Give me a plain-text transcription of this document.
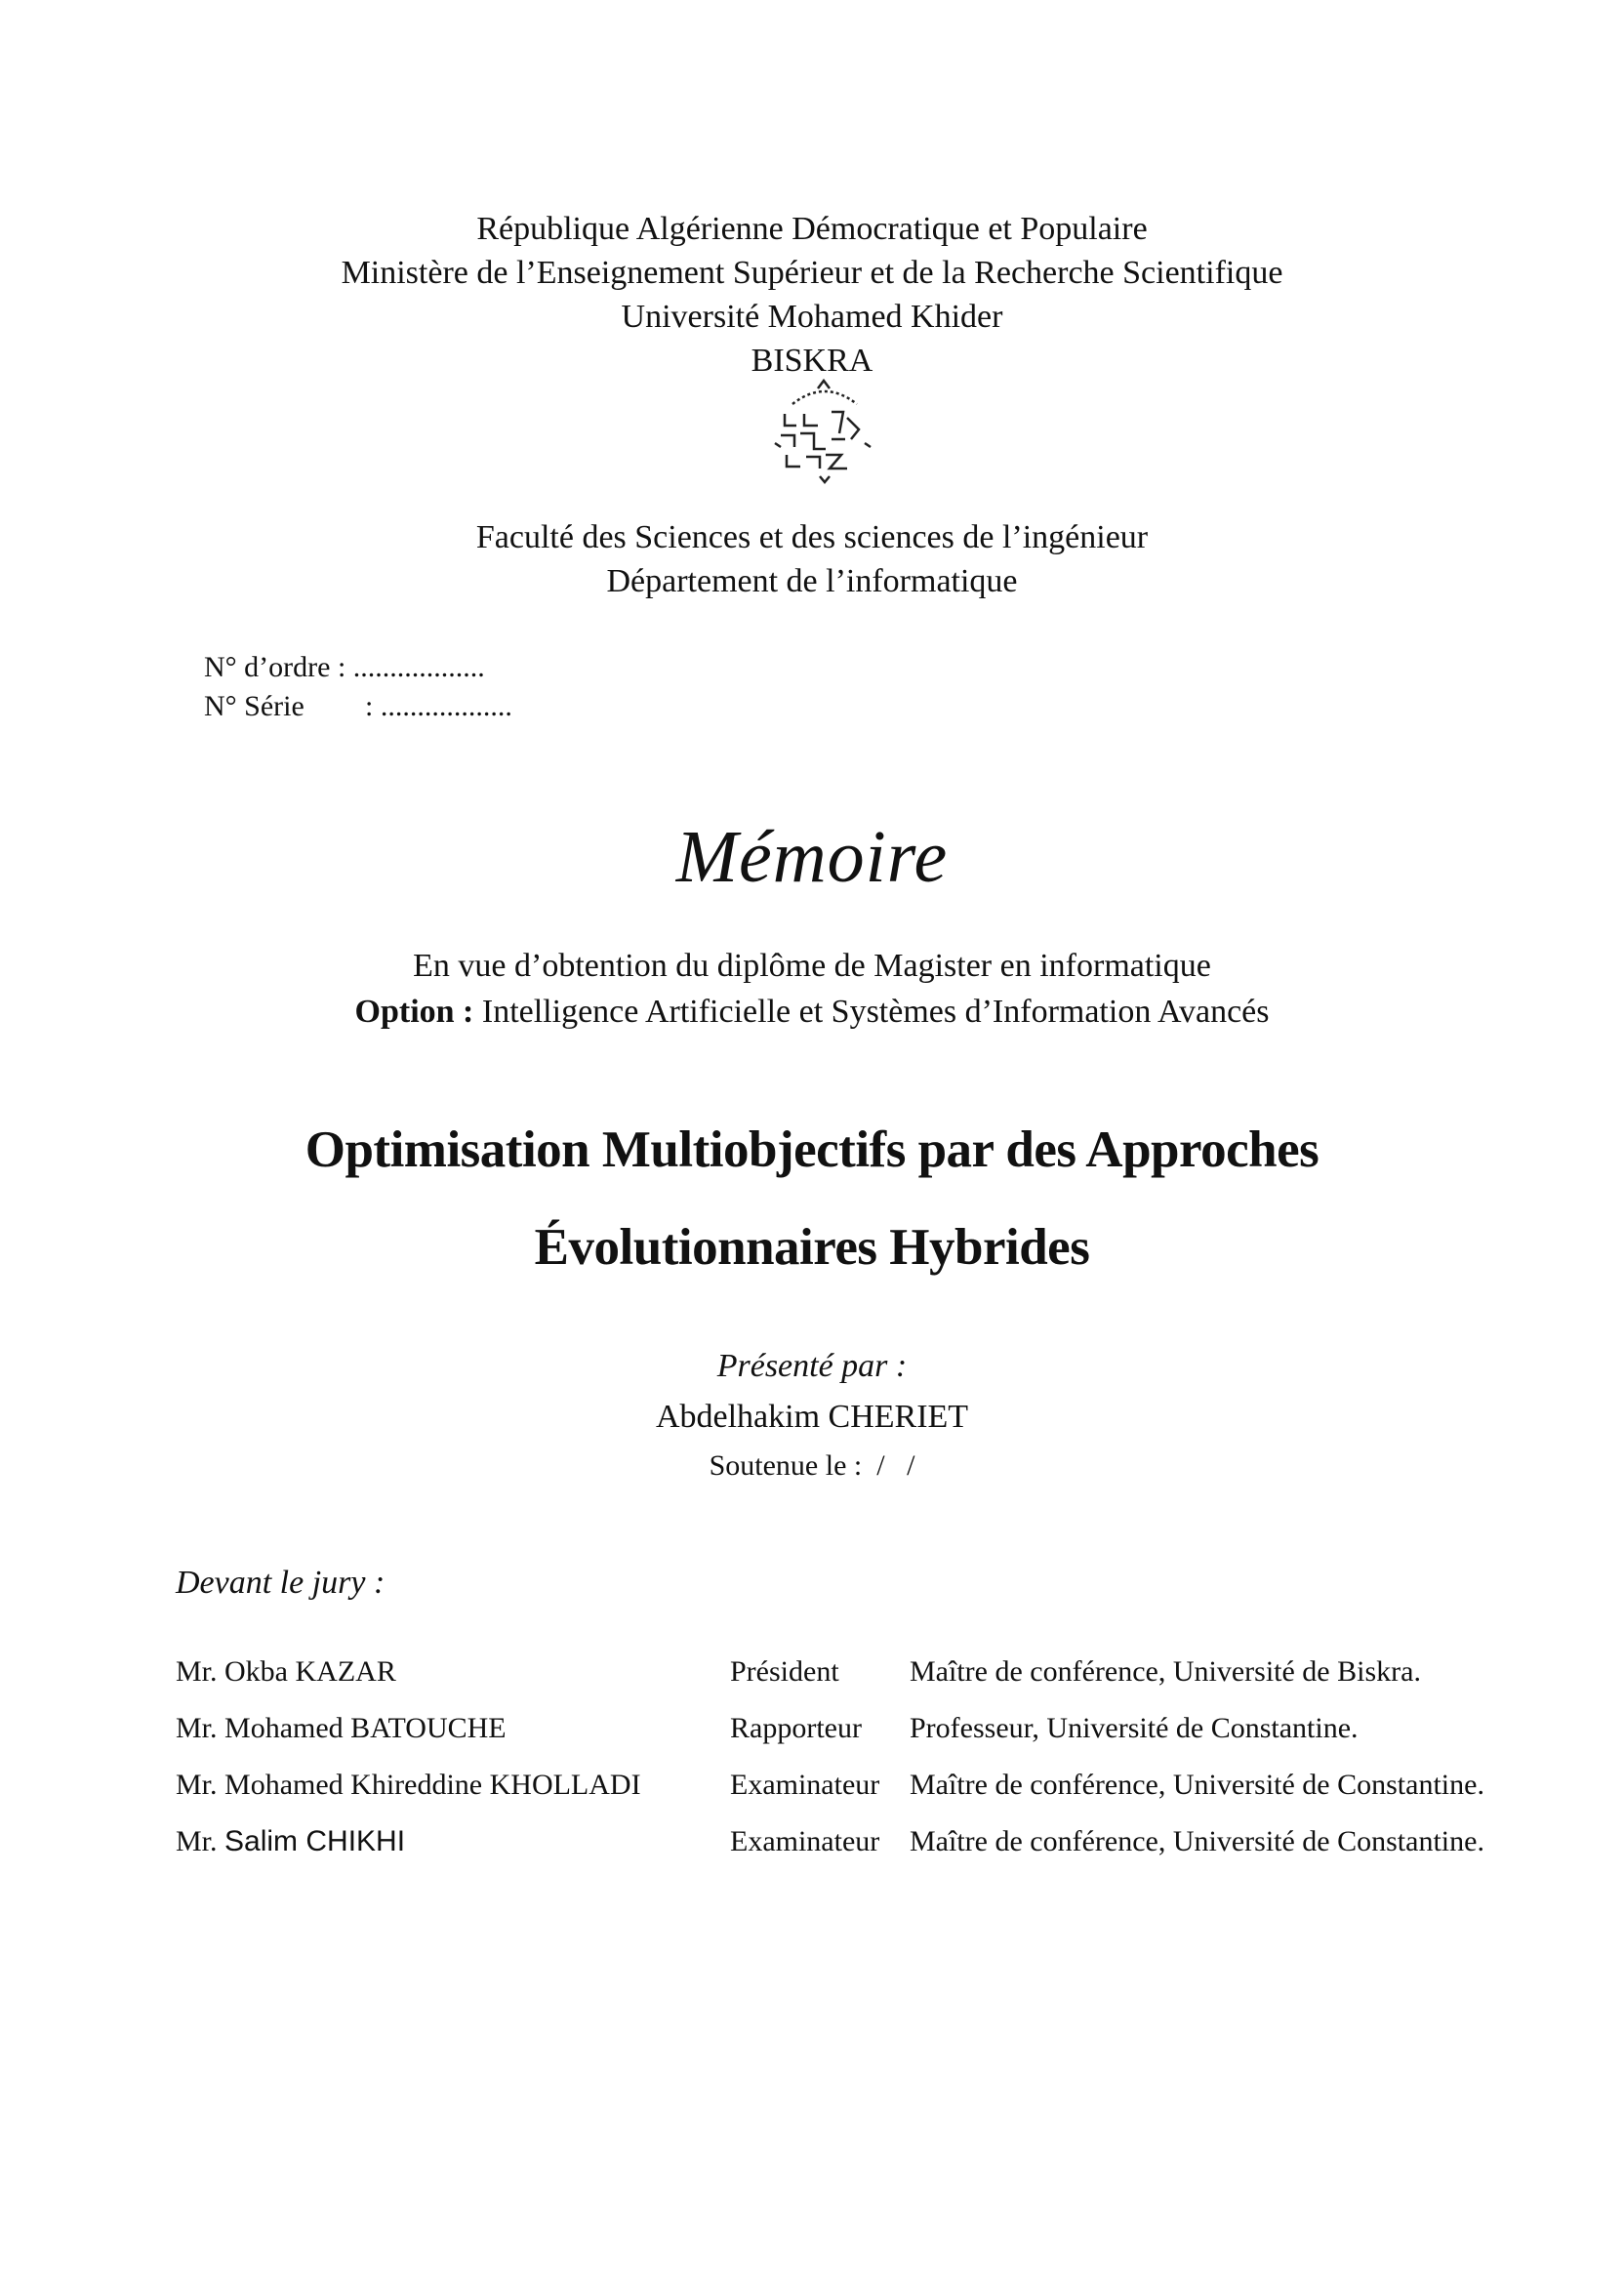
République Algérienne Démocratique et Populaire
Ministère de l’Enseignement Supérieur et de la Recherche Scientifique
Université Mohamed Khider
BISKRA
Faculté des Sciences et des sciences de l’ingénieur
Département de l’informatique
N° d’ordre : ..................
N° Série : ..................
Mémoire
En vue d’obtention du diplôme de Magister en informatique
Option : Intelligence Artificielle et Systèmes d’Information Avancés
Optimisation Multiobjectifs par des Approches
Évolutionnaires Hybrides
Présenté par :
Abdelhakim CHERIET
Soutenue le :  /   /
Devant le jury :
Mr. Okba KAZAR	Président Maître de conférence, Université de Biskra.
Mr. Mohamed BATOUCHE	Rapporteur Professeur, Université de Constantine.
Mr. Mohamed Khireddine KHOLLADI	Examinateur Maître de conférence, Université de Constantine.
Mr. Salim CHIKHI	Examinateur Maître de conférence, Université de Constantine.
